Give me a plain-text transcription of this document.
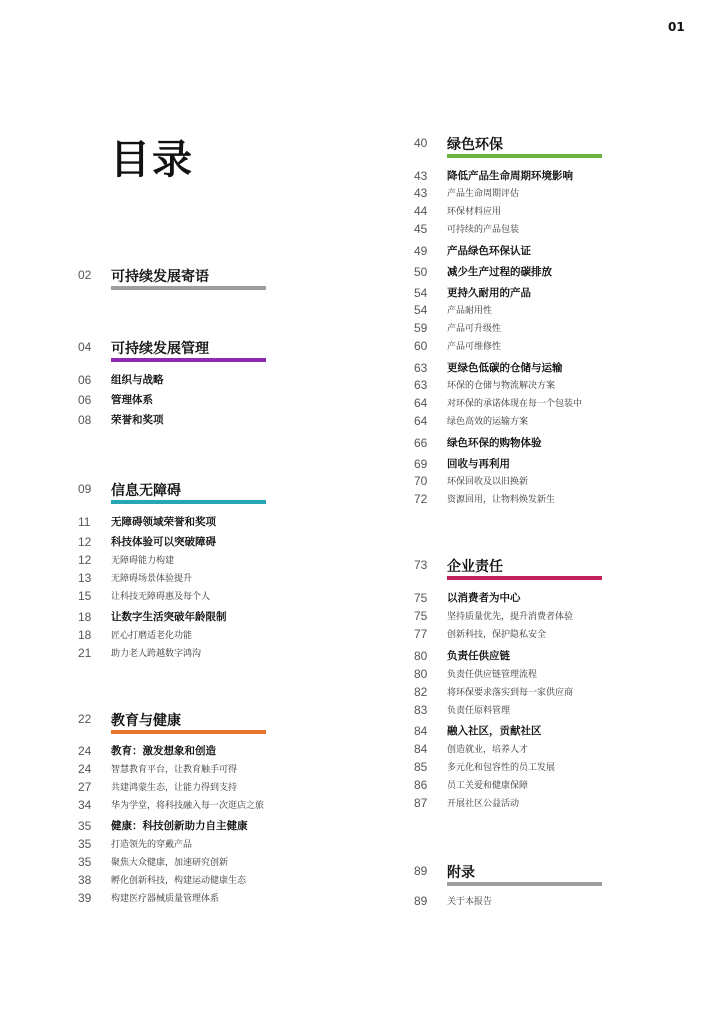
01
目录
02	可持续发展寄语
04	可持续发展管理
06	组织与战略
06	管理体系
08	荣誉和奖项
09	信息无障碍
11	无障碍领域荣誉和奖项
12	科技体验可以突破障碍
12	无障碍能力构建
13	无障碍场景体验提升
15	让科技无障碍惠及每个人
18	让数字生活突破年龄限制
18	匠心打磨适老化功能
21	助力老人跨越数字鸿沟
22	教育与健康
24	教育：激发想象和创造
24	智慧教育平台，让教育触手可得
27	共建鸿蒙生态，让能力得到支持
34	华为学堂，将科技融入每一次逛店之旅
35	健康：科技创新助力自主健康
35	打造领先的穿戴产品
35	聚焦大众健康，加速研究创新
38	孵化创新科技，构建运动健康生态
39	构建医疗器械质量管理体系
40	绿色环保
43	降低产品生命周期环境影响
43	产品生命周期评估
44	环保材料应用
45	可持续的产品包装
49	产品绿色环保认证
50	减少生产过程的碳排放
54	更持久耐用的产品
54	产品耐用性
59	产品可升级性
60	产品可维修性
63	更绿色低碳的仓储与运输
63	环保的仓储与物流解决方案
64	对环保的承诺体现在每一个包装中
64	绿色高效的运输方案
66	绿色环保的购物体验
69	回收与再利用
70	环保回收及以旧换新
72	资源回用，让物料焕发新生
73	企业责任
75	以消费者为中心
75	坚持质量优先，提升消费者体验
77	创新科技，保护隐私安全
80	负责任供应链
80	负责任供应链管理流程
82	将环保要求落实到每一家供应商
83	负责任原料管理
84	融入社区，贡献社区
84	创造就业，培养人才
85	多元化和包容性的员工发展
86	员工关爱和健康保障
87	开展社区公益活动
89	附录
89	关于本报告
